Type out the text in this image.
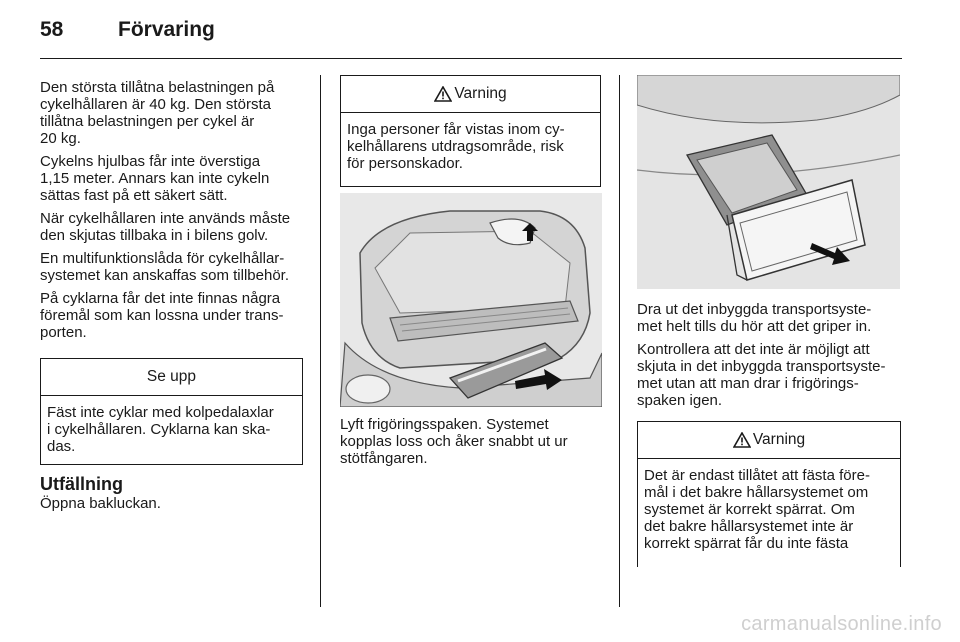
58	Förvaring

Den största tillåtna belastningen på
cykelhållaren är 40 kg. Den största
tillåtna belastningen per cykel är
20 kg.

Cykelns hjulbas får inte överstiga
1,15 meter. Annars kan inte cykeln
sättas fast på ett säkert sätt.

När cykelhållaren inte används måste
den skjutas tillbaka in i bilens golv.

En multifunktionslåda för cykelhållar-
systemet kan anskaffas som tillbehör.

På cyklarna får det inte finnas några
föremål som kan lossna under trans-
porten.

Se upp
Fäst inte cyklar med kolpedalaxlar
i cykelhållaren. Cyklarna kan ska-
das.
Utfällning
Öppna bakluckan.
Varning
Inga personer får vistas inom cy-
kelhållarens utdragsområde, risk
för personskador.
Lyft frigöringsspaken. Systemet
kopplas loss och åker snabbt ut ur
stötfångaren.

Dra ut det inbyggda transportsyste-
met helt tills du hör att det griper in.

Kontrollera att det inte är möjligt att
skjuta in det inbyggda transportsyste-
met utan att man drar i frigörings-
spaken igen.

Varning
Det är endast tillåtet att fästa före-
mål i det bakre hållarsystemet om
systemet är korrekt spärrat. Om
det bakre hållarsystemet inte är
korrekt spärrat får du inte fästa
carmanualsonline.info
